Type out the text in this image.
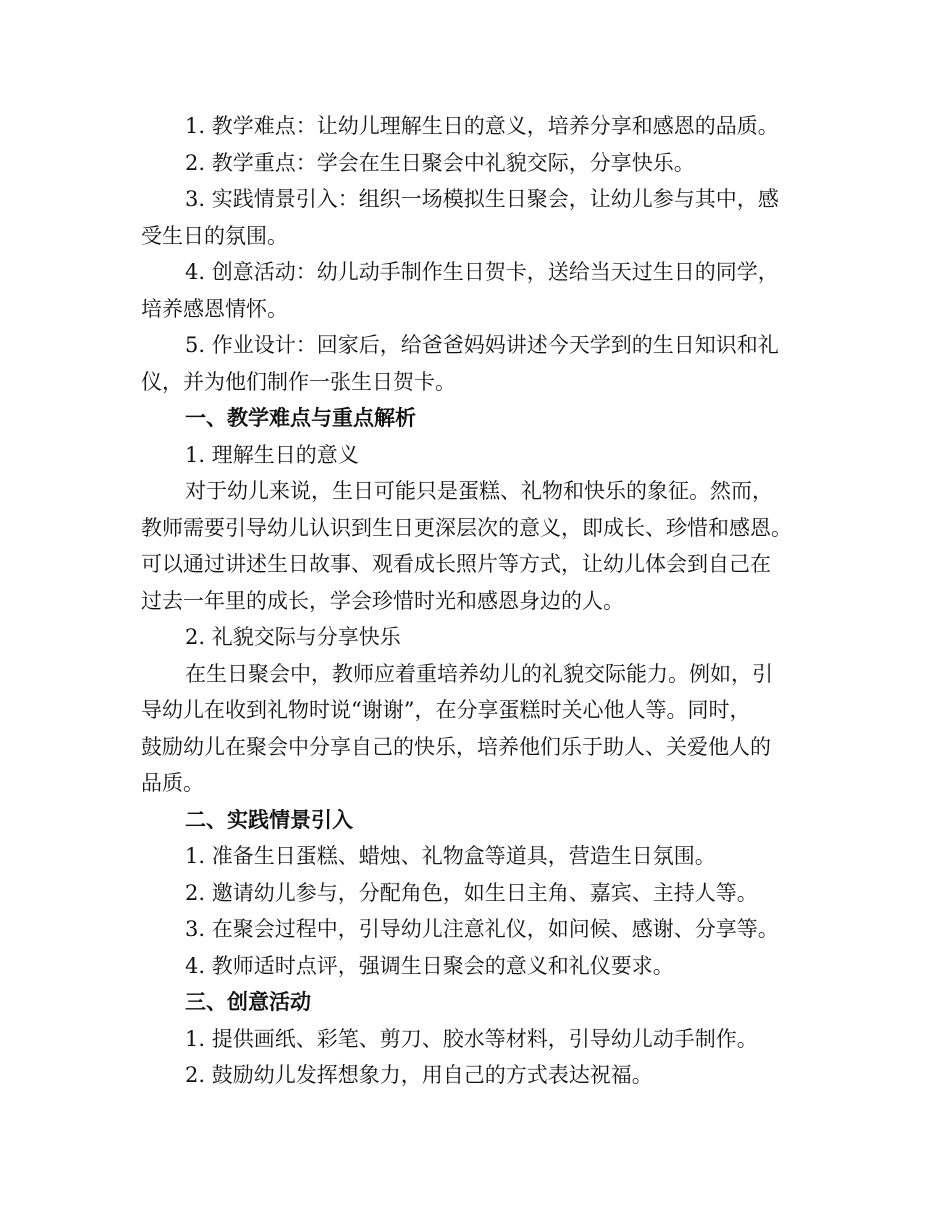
1. 教学难点：让幼儿理解生日的意义，培养分享和感恩的品质。

2. 教学重点：学会在生日聚会中礼貌交际，分享快乐。

3. 实践情景引入：组织一场模拟生日聚会，让幼儿参与其中，感

受生日的氛围。

4. 创意活动：幼儿动手制作生日贺卡，送给当天过生日的同学，

培养感恩情怀。

5. 作业设计：回家后，给爸爸妈妈讲述今天学到的生日知识和礼

仪，并为他们制作一张生日贺卡。

一、教学难点与重点解析

1. 理解生日的意义

对于幼儿来说，生日可能只是蛋糕、礼物和快乐的象征。然而，

教师需要引导幼儿认识到生日更深层次的意义，即成长、珍惜和感恩。

可以通过讲述生日故事、观看成长照片等方式，让幼儿体会到自己在

过去一年里的成长，学会珍惜时光和感恩身边的人。

2. 礼貌交际与分享快乐

在生日聚会中，教师应着重培养幼儿的礼貌交际能力。例如，引

导幼儿在收到礼物时说“谢谢”，在分享蛋糕时关心他人等。同时，

鼓励幼儿在聚会中分享自己的快乐，培养他们乐于助人、关爱他人的

品质。

二、实践情景引入

1. 准备生日蛋糕、蜡烛、礼物盒等道具，营造生日氛围。

2. 邀请幼儿参与，分配角色，如生日主角、嘉宾、主持人等。

3. 在聚会过程中，引导幼儿注意礼仪，如问候、感谢、分享等。

4. 教师适时点评，强调生日聚会的意义和礼仪要求。

三、创意活动

1. 提供画纸、彩笔、剪刀、胶水等材料，引导幼儿动手制作。

2. 鼓励幼儿发挥想象力，用自己的方式表达祝福。
